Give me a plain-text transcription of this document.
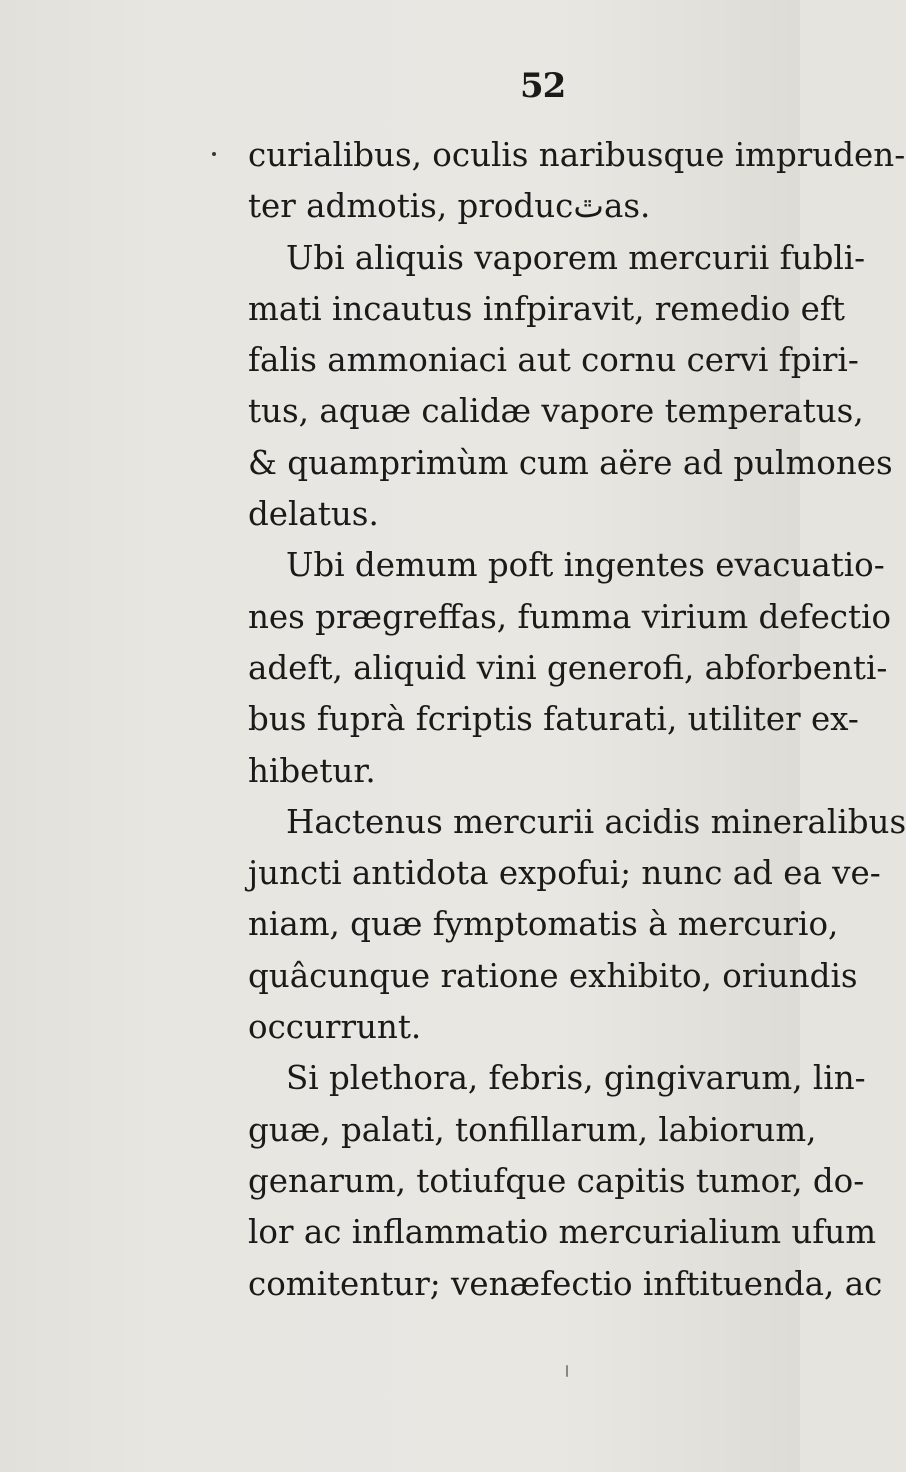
52
curialibus, oculis naribusque impruden-
ter admotis, producٿas.
Ubi aliquis vaporem mercurii fubli-
mati incautus infpiravit, remedio eft
falis ammoniaci aut cornu cervi fpiri-
tus, aquæ calidæ vapore temperatus,
& quamprimùm cum aëre ad pulmones
delatus.
Ubi demum poft ingentes evacuatio-
nes prægreffas, fumma virium defectio
adeft, aliquid vini generofi, abforbenti-
bus fuprà fcriptis faturati, utiliter ex-
hibetur.
Hactenus mercurii acidis mineralibus
juncti antidota expofui; nunc ad ea ve-
niam, quæ fymptomatis à mercurio,
quâcunque ratione exhibito, oriundis
occurrunt.
Si plethora, febris, gingivarum, lin-
guæ, palati, tonfillarum, labiorum,
genarum, totiufque capitis tumor, do-
lor ac inflammatio mercurialium ufum
comitentur; venæfectio inftituenda, ac
